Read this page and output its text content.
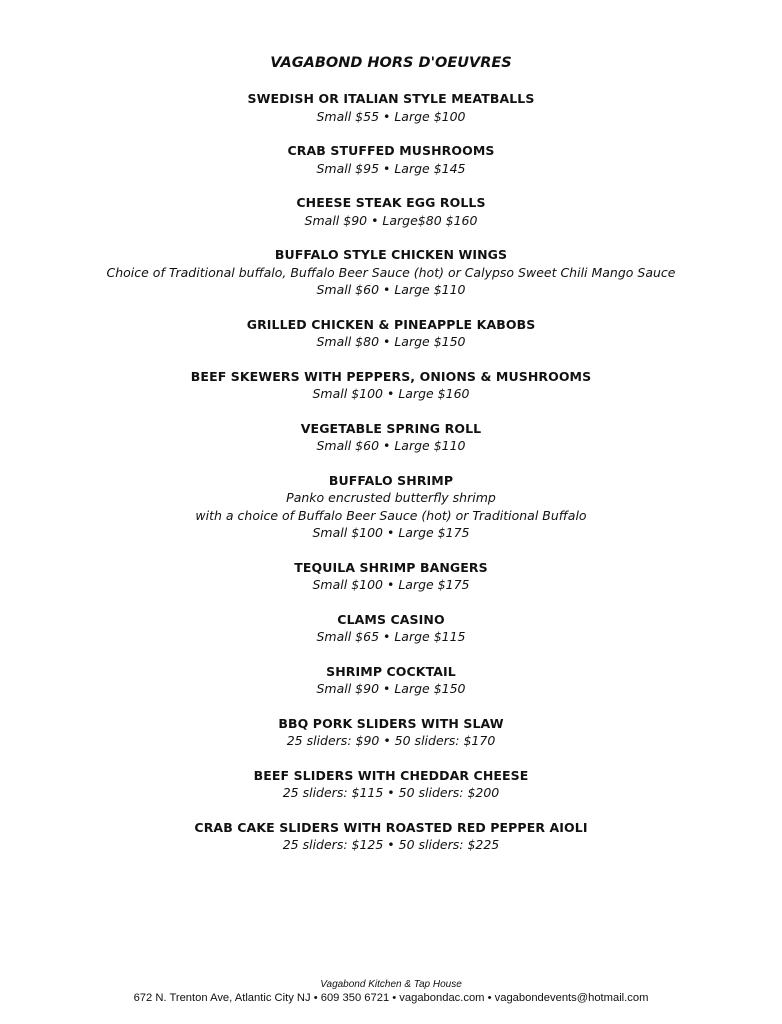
VAGABOND HORS D'OEUVRES
SWEDISH OR ITALIAN STYLE MEATBALLS
Small $55 • Large $100
CRAB STUFFED MUSHROOMS
Small $95 • Large $145
CHEESE STEAK EGG ROLLS
Small $90 • Large$80 $160
BUFFALO STYLE CHICKEN WINGS
Choice of Traditional buffalo, Buffalo Beer Sauce (hot) or Calypso Sweet Chili Mango Sauce
Small $60 • Large $110
GRILLED CHICKEN & PINEAPPLE KABOBS
Small $80 • Large $150
BEEF SKEWERS WITH PEPPERS, ONIONS & MUSHROOMS
Small $100 • Large $160
VEGETABLE SPRING ROLL
Small $60 • Large $110
BUFFALO SHRIMP
Panko encrusted butterfly shrimp
with a choice of Buffalo Beer Sauce (hot) or Traditional Buffalo
Small $100 • Large $175
TEQUILA SHRIMP BANGERS
Small $100 • Large $175
CLAMS CASINO
Small $65 • Large $115
SHRIMP COCKTAIL
Small $90 • Large $150
BBQ PORK SLIDERS WITH SLAW
25 sliders: $90 • 50 sliders: $170
BEEF SLIDERS WITH CHEDDAR CHEESE
25 sliders: $115 • 50 sliders: $200
CRAB CAKE SLIDERS WITH ROASTED RED PEPPER AIOLI
25 sliders: $125 • 50 sliders: $225
Vagabond Kitchen & Tap House
672 N. Trenton Ave, Atlantic City NJ • 609 350 6721 • vagabondac.com • vagabondevents@hotmail.com
